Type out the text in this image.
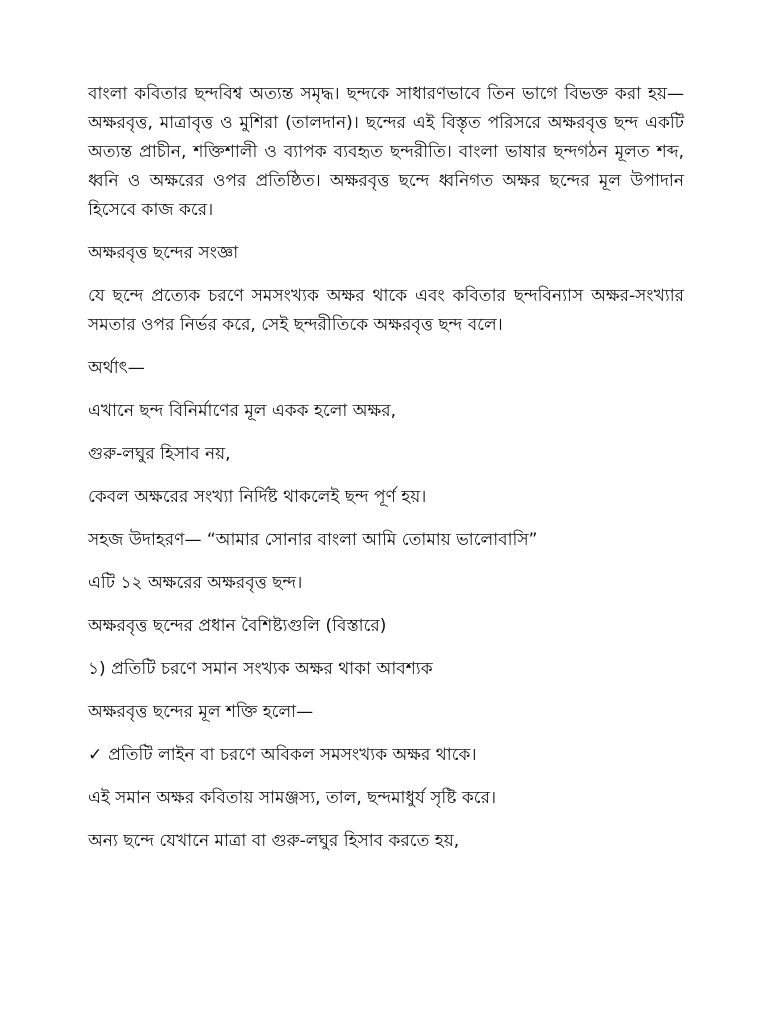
বাংলা কবিতার ছন্দবিশ্ব অত্যন্ত সমৃদ্ধ। ছন্দকে সাধারণভাবে তিন ভাগে বিভক্ত করা হয়— অক্ষরবৃত্ত, মাত্রাবৃত্ত ও মুশিরা (তালদান)। ছন্দের এই বিস্তৃত পরিসরে অক্ষরবৃত্ত ছন্দ একটি অত্যন্ত প্রাচীন, শক্তিশালী ও ব্যাপক ব্যবহৃত ছন্দরীতি। বাংলা ভাষার ছন্দগঠন মূলত শব্দ, ধ্বনি ও অক্ষরের ওপর প্রতিষ্ঠিত। অক্ষরবৃত্ত ছন্দে ধ্বনিগত অক্ষর ছন্দের মূল উপাদান হিসেবে কাজ করে।

অক্ষরবৃত্ত ছন্দের সংজ্ঞা

যে ছন্দে প্রত্যেক চরণে সমসংখ্যক অক্ষর থাকে এবং কবিতার ছন্দবিন্যাস অক্ষর-সংখ্যার সমতার ওপর নির্ভর করে, সেই ছন্দরীতিকে অক্ষরবৃত্ত ছন্দ বলে।

অর্থাৎ—

এখানে ছন্দ বিনির্মাণের মূল একক হলো অক্ষর,

গুরু-লঘুর হিসাব নয়,

কেবল অক্ষরের সংখ্যা নির্দিষ্ট থাকলেই ছন্দ পূর্ণ হয়।

সহজ উদাহরণ— “আমার সোনার বাংলা আমি তোমায় ভালোবাসি”

এটি ১২ অক্ষরের অক্ষরবৃত্ত ছন্দ।

অক্ষরবৃত্ত ছন্দের প্রধান বৈশিষ্ট্যগুলি (বিস্তারে)

১) প্রতিটি চরণে সমান সংখ্যক অক্ষর থাকা আবশ্যক

অক্ষরবৃত্ত ছন্দের মূল শক্তি হলো—

✓ প্রতিটি লাইন বা চরণে অবিকল সমসংখ্যক অক্ষর থাকে।

এই সমান অক্ষর কবিতায় সামঞ্জস্য, তাল, ছন্দমাধুর্য সৃষ্টি করে।

অন্য ছন্দে যেখানে মাত্রা বা গুরু-লঘুর হিসাব করতে হয়,
